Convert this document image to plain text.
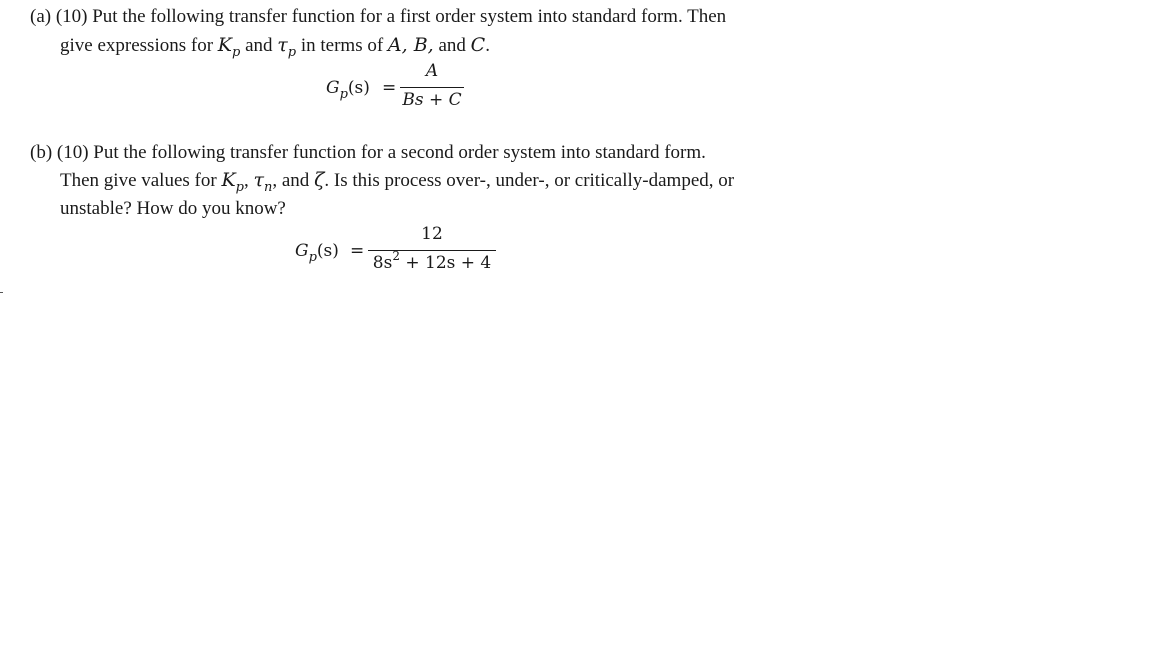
(a) (10) Put the following transfer function for a first order system into standard form. Then
give expressions for $K_p$ and $\tau_p$ in terms of A, B, and C.
$G_p(s)$ =
A
Bs + C
(b) (10) Put the following transfer function for a second order system into standard form.
Then give values for $K_p$, $\tau_n$, and ζ. Is this process over-, under-, or critically-damped, or
unstable? How do you know?
$G_p(s)$ =
12
$8s^2 + 12s + 4$
